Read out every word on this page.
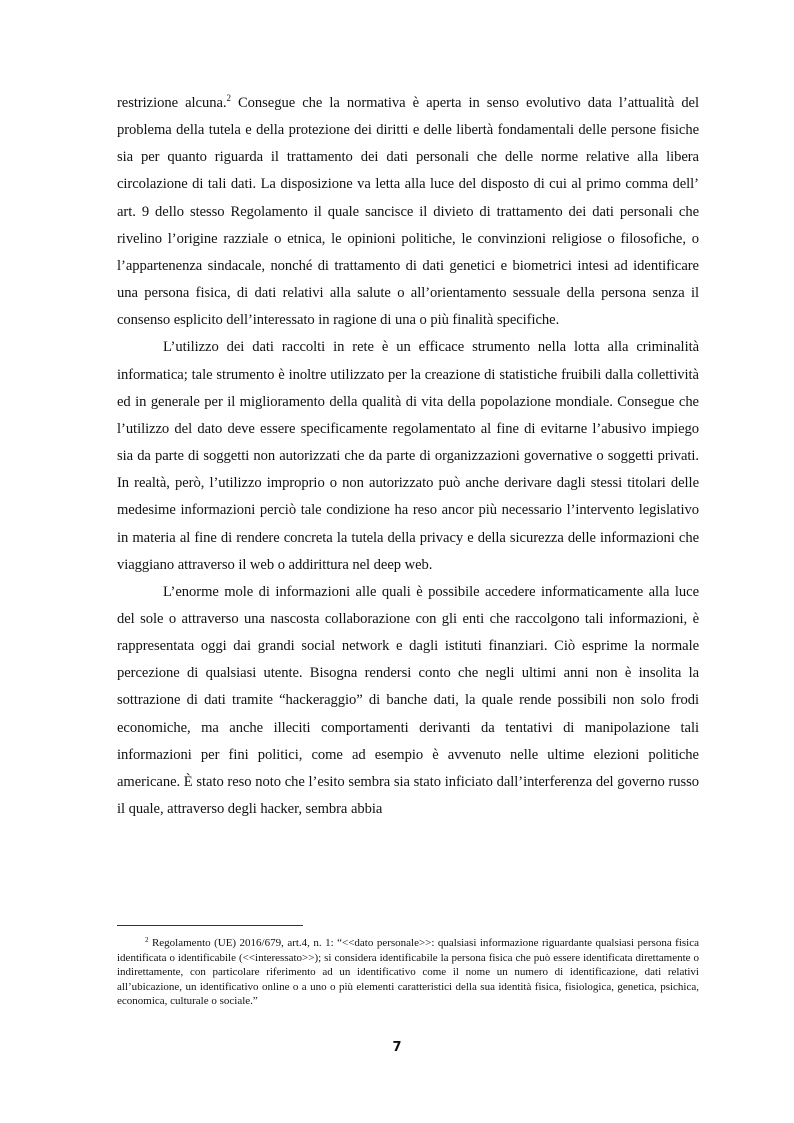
restrizione alcuna.$^2$ Consegue che la normativa è aperta in senso evolutivo data l’attualità del problema della tutela e della protezione dei diritti e delle libertà fondamentali delle persone fisiche sia per quanto riguarda il trattamento dei dati personali che delle norme relative alla libera circolazione di tali dati. La disposizione va letta alla luce del disposto di cui al primo comma dell’ art. 9 dello stesso Regolamento il quale sancisce il divieto di trattamento dei dati personali che rivelino l’origine razziale o etnica, le opinioni politiche, le convinzioni religiose o filosofiche, o l’appartenenza sindacale, nonché di trattamento di dati genetici e biometrici intesi ad identificare una persona fisica, di dati relativi alla salute o all’orientamento sessuale della persona senza il consenso esplicito dell’interessato in ragione di una o più finalità specifiche.

L’utilizzo dei dati raccolti in rete è un efficace strumento nella lotta alla criminalità informatica; tale strumento è inoltre utilizzato per la creazione di statistiche fruibili dalla collettività ed in generale per il miglioramento della qualità di vita della popolazione mondiale. Consegue che l’utilizzo del dato deve essere specificamente regolamentato al fine di evitarne l’abusivo impiego sia da parte di soggetti non autorizzati che da parte di organizzazioni governative o soggetti privati. In realtà, però, l’utilizzo improprio o non autorizzato può anche derivare dagli stessi titolari delle medesime informazioni perciò tale condizione ha reso ancor più necessario l’intervento legislativo in materia al fine di rendere concreta la tutela della privacy e della sicurezza delle informazioni che viaggiano attraverso il web o addirittura nel deep web.

L’enorme mole di informazioni alle quali è possibile accedere informaticamente alla luce del sole o attraverso una nascosta collaborazione con gli enti che raccolgono tali informazioni, è rappresentata oggi dai grandi social network e dagli istituti finanziari. Ciò esprime la normale percezione di qualsiasi utente. Bisogna rendersi conto che negli ultimi anni non è insolita la sottrazione di dati tramite “hackeraggio” di banche dati, la quale rende possibili non solo frodi economiche, ma anche illeciti comportamenti derivanti da tentativi di manipolazione tali informazioni per fini politici, come ad esempio è avvenuto nelle ultime elezioni politiche americane. È stato reso noto che l’esito sembra sia stato inficiato dall’interferenza del governo russo il quale, attraverso degli hacker, sembra abbia

$^2$ Regolamento (UE) 2016/679, art.4, n. 1: “<<dato personale>>: qualsiasi informazione riguardante qualsiasi persona fisica identificata o identificabile (<<interessato>>); si considera identificabile la persona fisica che può essere identificata direttamente o indirettamente, con particolare riferimento ad un identificativo come il nome un numero di identificazione, dati relativi all’ubicazione, un identificativo online o a uno o più elementi caratteristici della sua identità fisica, fisiologica, genetica, psichica, economica, culturale o sociale.”

7
